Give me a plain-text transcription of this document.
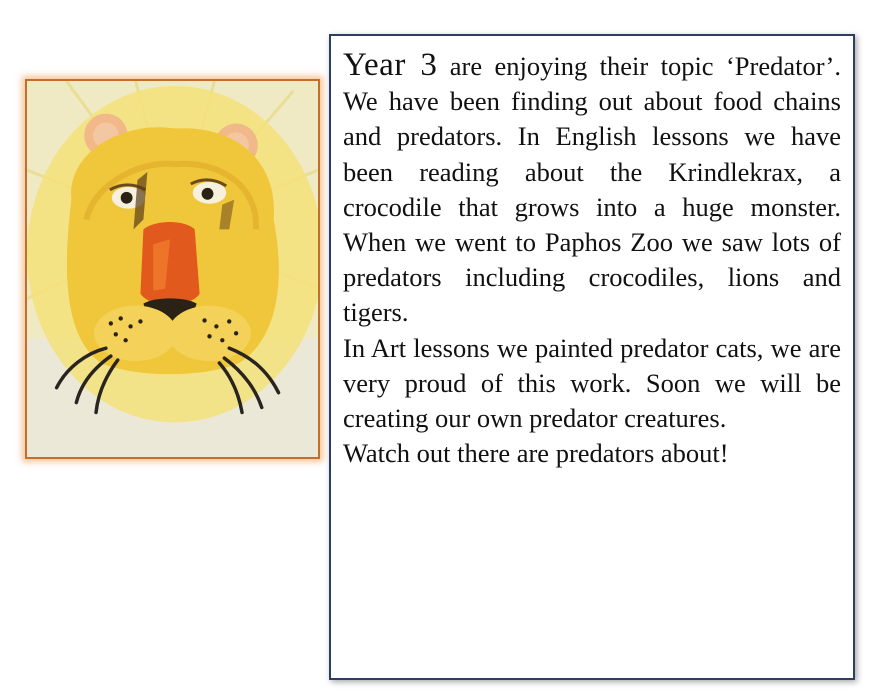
Year 3 are enjoying their topic ‘Predator’. We have been finding out about food chains and predators. In English lessons we have been reading about the Krindlekrax, a crocodile that grows into a huge monster. When we went to Paphos Zoo we saw lots of predators including crocodiles, lions and tigers.

In Art lessons we painted predator cats, we are very proud of this work. Soon we will be creating our own predator creatures.

Watch out there are predators about!
